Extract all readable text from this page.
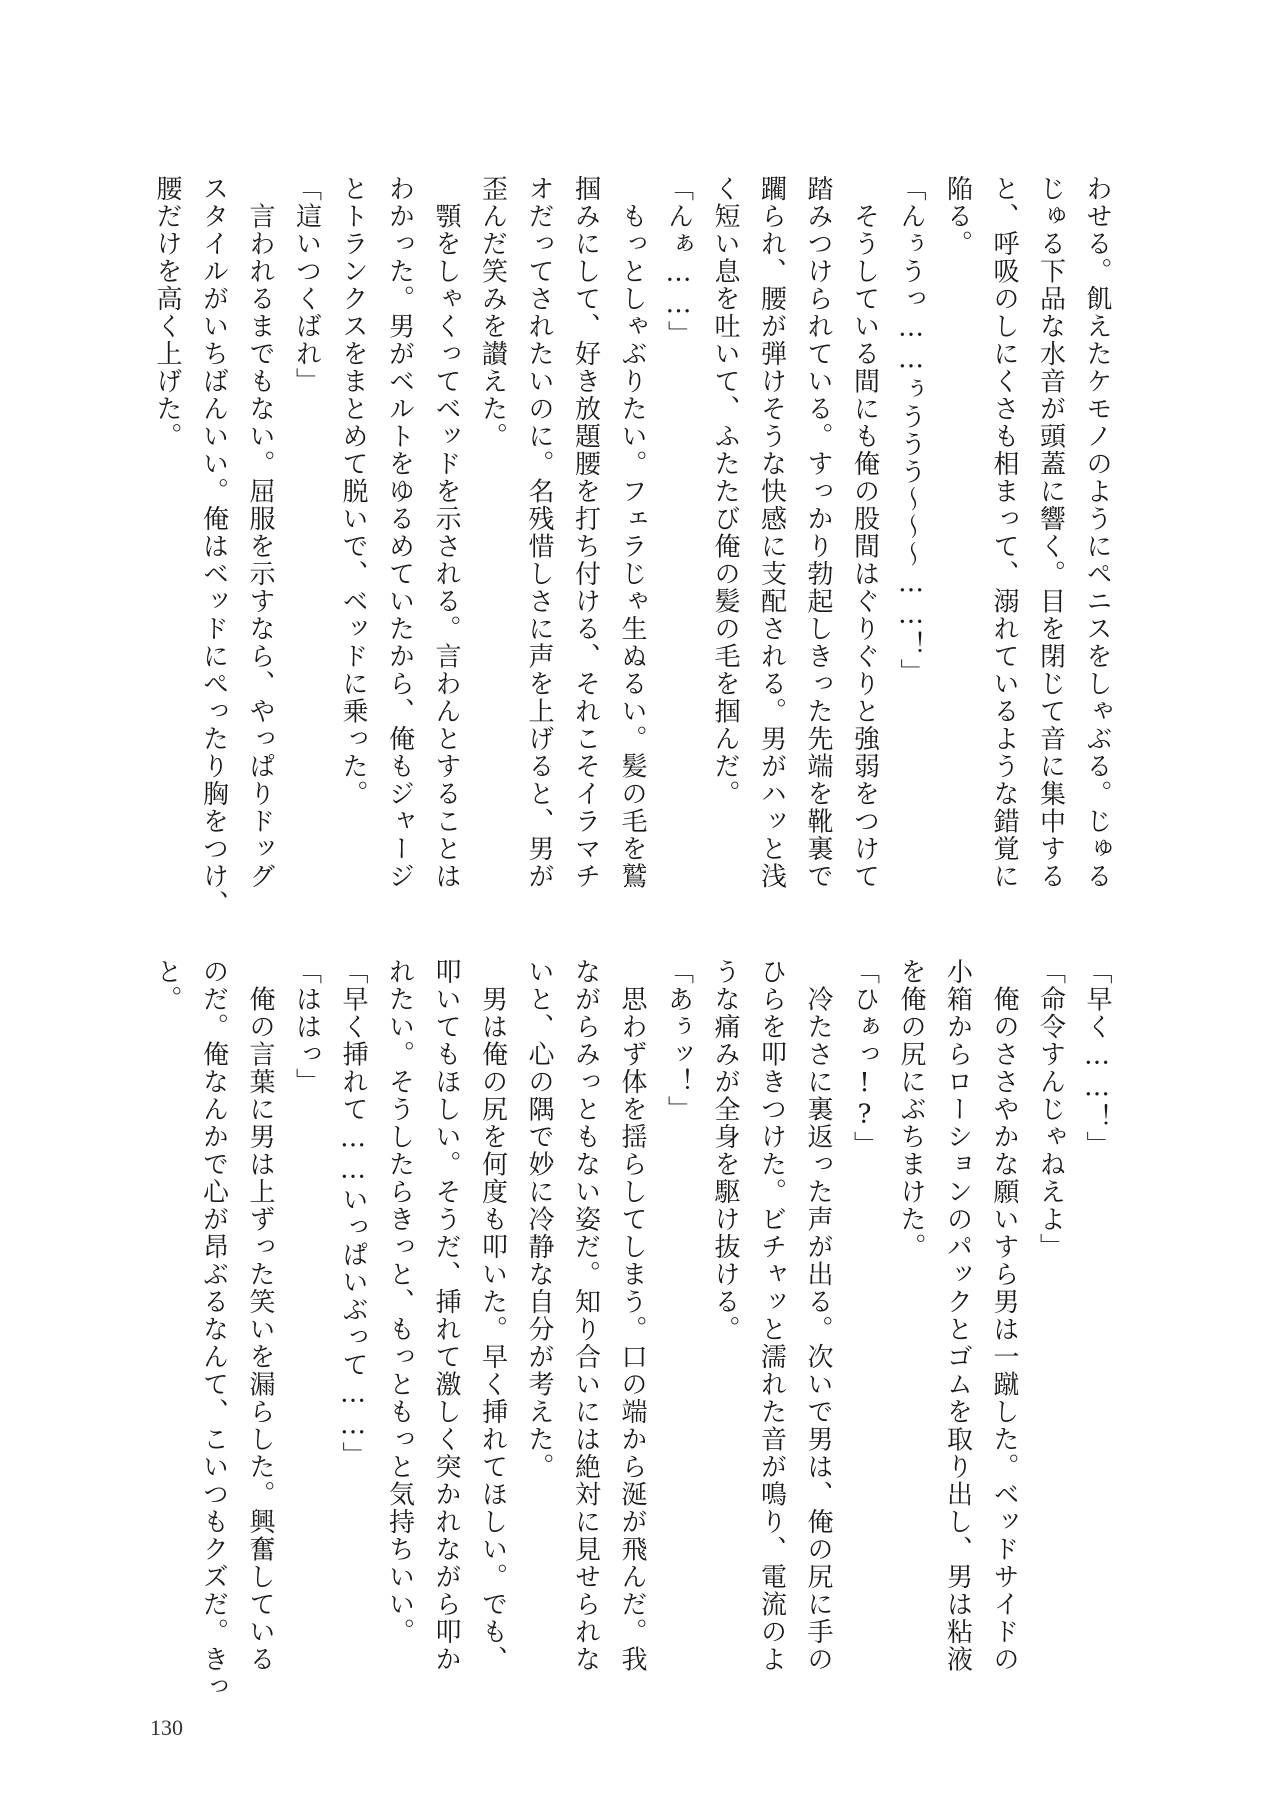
わせる。飢えたケモノのようにペニスをしゃぶる。じゅる
じゅる下品な水音が頭蓋に響く。目を閉じて音に集中する
と、呼吸のしにくさも相まって、溺れているような錯覚に
陥る。
「んぅうっ……ぅううう〜〜〜……！」
　そうしている間にも俺の股間はぐりぐりと強弱をつけて
踏みつけられている。すっかり勃起しきった先端を靴裏で
躙られ、腰が弾けそうな快感に支配される。男がハッと浅
く短い息を吐いて、ふたたび俺の髪の毛を掴んだ。
「んぁ……」
　もっとしゃぶりたい。フェラじゃ生ぬるい。髪の毛を鷲
掴みにして、好き放題腰を打ち付ける、それこそイラマチ
オだってされたいのに。名残惜しさに声を上げると、男が
歪んだ笑みを讃えた。
　顎をしゃくってベッドを示される。言わんとすることは
わかった。男がベルトをゆるめていたから、俺もジャージ
とトランクスをまとめて脱いで、ベッドに乗った。
「這いつくばれ」
　言われるまでもない。屈服を示すなら、やっぱりドッグ
スタイルがいちばんいい。俺はベッドにぺったり胸をつけ、
腰だけを高く上げた。
「早く……！」
「命令すんじゃねえよ」
　俺のささやかな願いすら男は一蹴した。ベッドサイドの
小箱からローションのパックとゴムを取り出し、男は粘液
を俺の尻にぶちまけた。
「ひぁっ!?」
　冷たさに裏返った声が出る。次いで男は、俺の尻に手の
ひらを叩きつけた。ビチャッと濡れた音が鳴り、電流のよ
うな痛みが全身を駆け抜ける。
「あぅッ！」
　思わず体を揺らしてしまう。口の端から涎が飛んだ。我
ながらみっともない姿だ。知り合いには絶対に見せられな
いと、心の隅で妙に冷静な自分が考えた。
　男は俺の尻を何度も叩いた。早く挿れてほしい。でも、
叩いてもほしい。そうだ、挿れて激しく突かれながら叩か
れたい。そうしたらきっと、もっともっと気持ちいい。
「早く挿れて……いっぱいぶって……」
「ははっ」
　俺の言葉に男は上ずった笑いを漏らした。興奮している
のだ。俺なんかで心が昂ぶるなんて、こいつもクズだ。きっ
と。
130
